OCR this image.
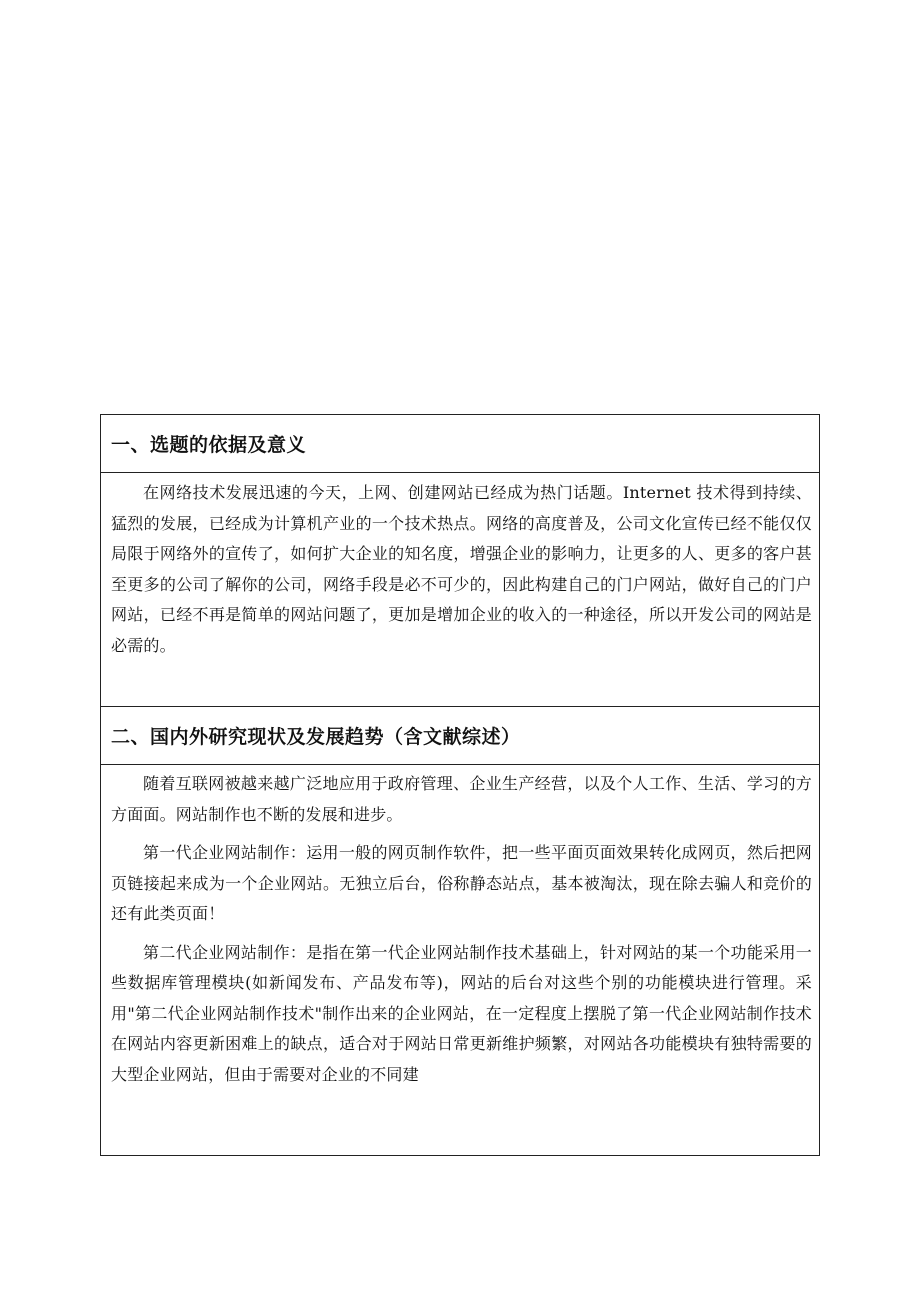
一、选题的依据及意义

在网络技术发展迅速的今天，上网、创建网站已经成为热门话题。Internet 技术得到持续、猛烈的发展，已经成为计算机产业的一个技术热点。网络的高度普及，公司文化宣传已经不能仅仅局限于网络外的宣传了，如何扩大企业的知名度，增强企业的影响力，让更多的人、更多的客户甚至更多的公司了解你的公司，网络手段是必不可少的，因此构建自己的门户网站，做好自己的门户网站，已经不再是简单的网站问题了，更加是增加企业的收入的一种途径，所以开发公司的网站是必需的。

二、国内外研究现状及发展趋势（含文献综述）

随着互联网被越来越广泛地应用于政府管理、企业生产经营，以及个人工作、生活、学习的方方面面。网站制作也不断的发展和进步。

第一代企业网站制作：运用一般的网页制作软件，把一些平面页面效果转化成网页，然后把网页链接起来成为一个企业网站。无独立后台，俗称静态站点，基本被淘汰，现在除去骗人和竞价的还有此类页面！

第二代企业网站制作：是指在第一代企业网站制作技术基础上，针对网站的某一个功能采用一些数据库管理模块(如新闻发布、产品发布等)，网站的后台对这些个别的功能模块进行管理。采用"第二代企业网站制作技术"制作出来的企业网站，在一定程度上摆脱了第一代企业网站制作技术在网站内容更新困难上的缺点，适合对于网站日常更新维护频繁，对网站各功能模块有独特需要的大型企业网站，但由于需要对企业的不同建
